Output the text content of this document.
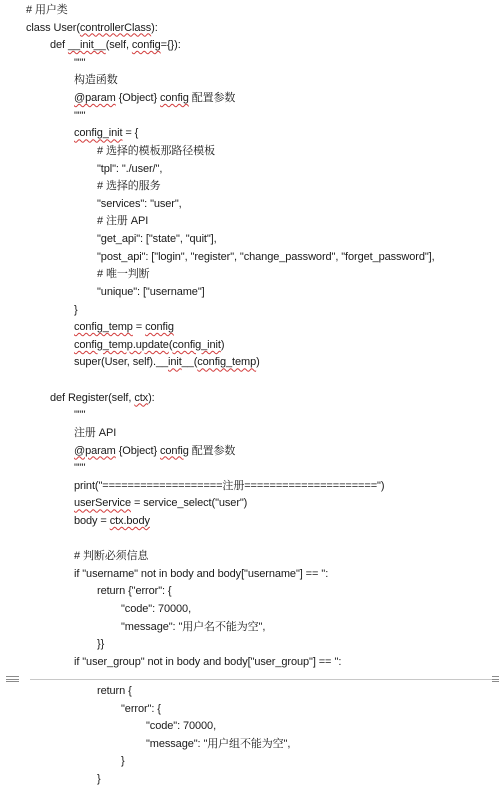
# 用户类
class User(controllerClass):
def __init__(self, config={}):
"""
构造函数
@param {Object} config 配置参数
"""
config_init = {
# 选择的模板那路径模板
"tpl": "./user/",
# 选择的服务
"services": "user",
# 注册 API
"get_api": ["state", "quit"],
"post_api": ["login", "register", "change_password", "forget_password"],
# 唯一判断
"unique": ["username"]
}
config_temp = config
config_temp.update(config_init)
super(User, self).__init__(config_temp)
def Register(self, ctx):
"""
注册 API
@param {Object} config 配置参数
"""
print("===================注册=====================")
userService = service_select("user")
body = ctx.body
# 判断必须信息
if "username" not in body and body["username"] == '':
return {"error": {
"code": 70000,
"message": "用户名不能为空",
}}
if "user_group" not in body and body["user_group"] == '':
return {
"error": {
"code": 70000,
"message": "用户组不能为空",
}
}
